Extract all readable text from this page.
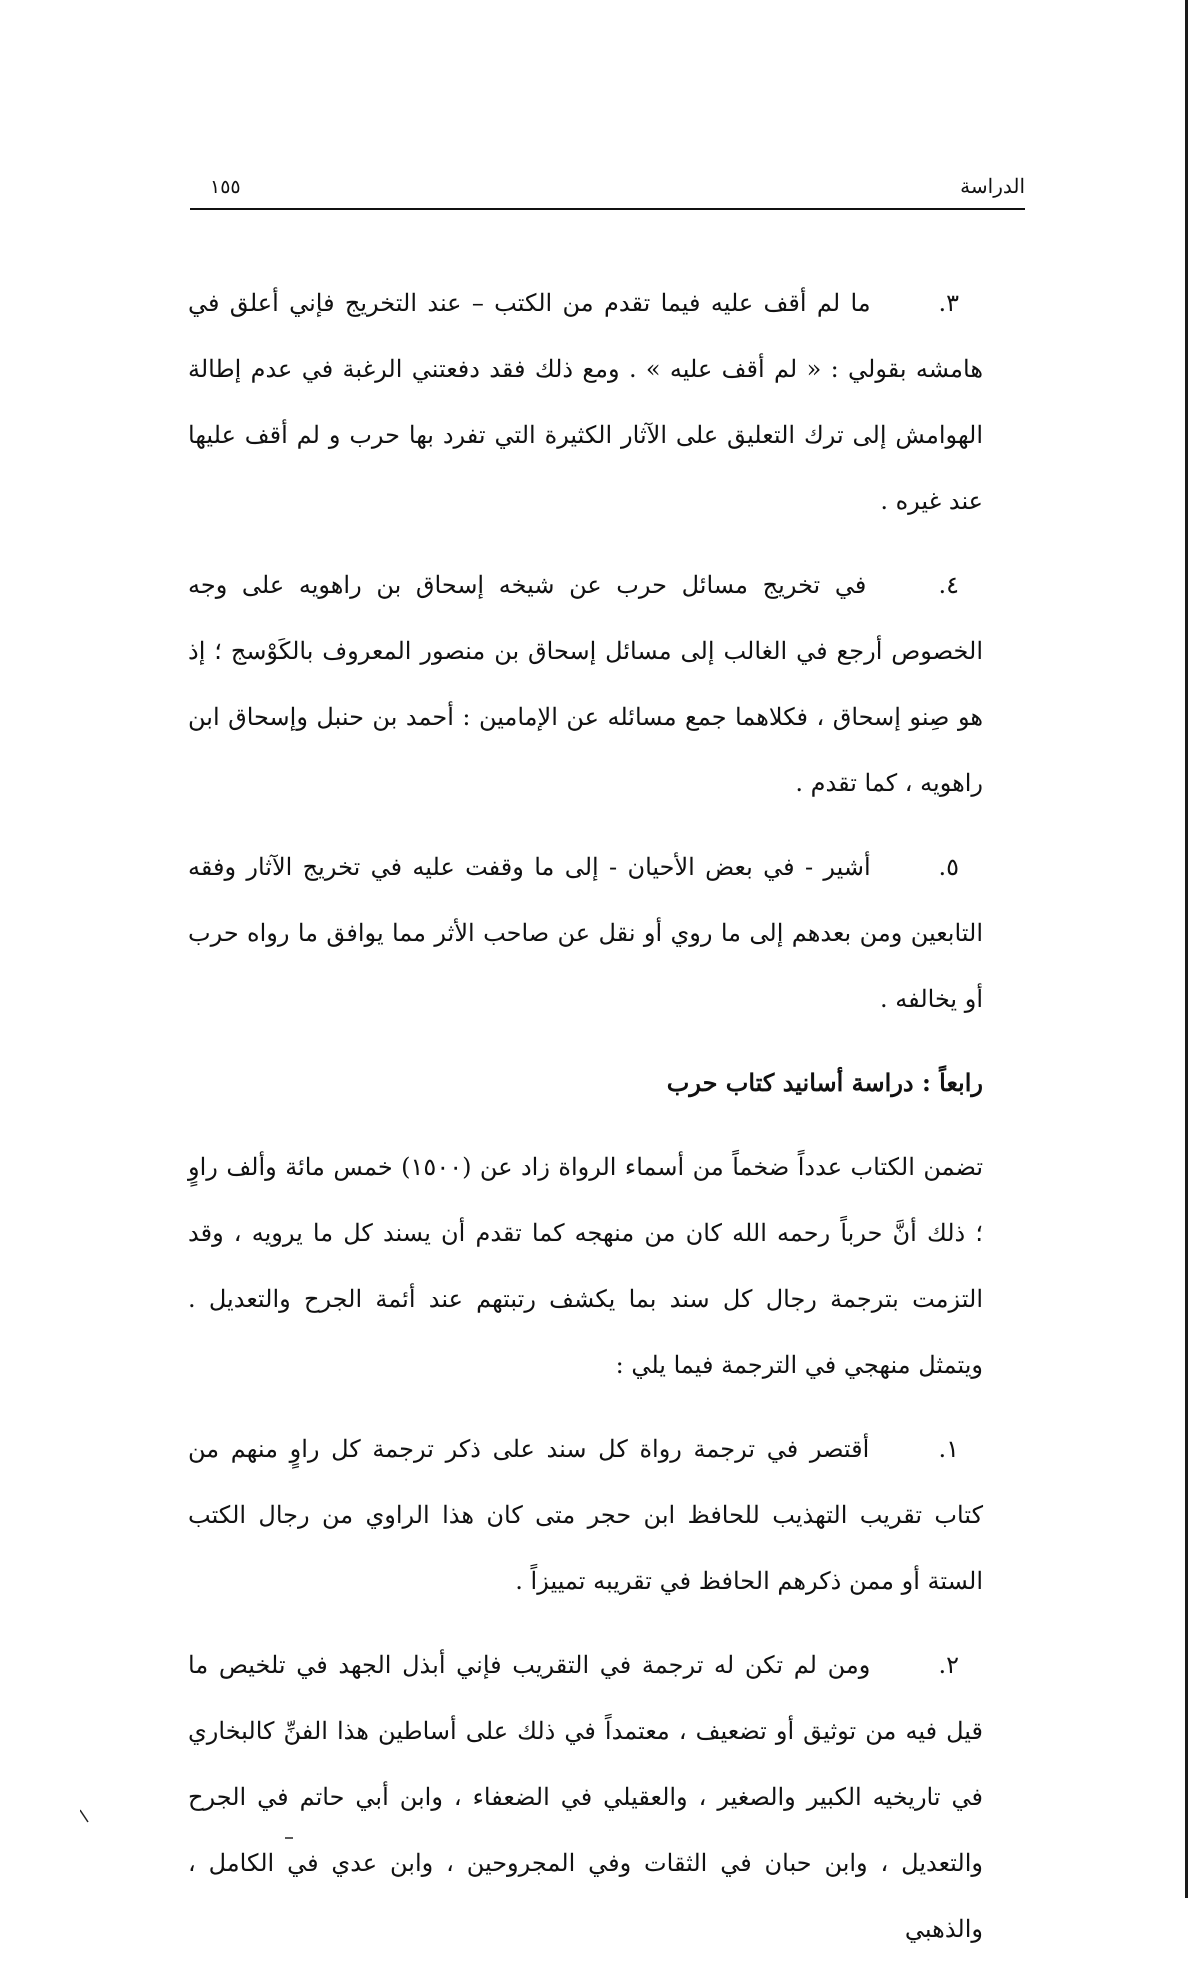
الدراسة
١٥٥

٣. ما لم أقف عليه فيما تقدم من الكتب – عند التخريج فإني أعلق في هامشه بقولي : « لم أقف عليه » . ومع ذلك فقد دفعتني الرغبة في عدم إطالة الهوامش إلى ترك التعليق على الآثار الكثيرة التي تفرد بها حرب و لم أقف عليها عند غيره .

٤. في تخريج مسائل حرب عن شيخه إسحاق بن راهويه على وجه الخصوص أرجع في الغالب إلى مسائل إسحاق بن منصور المعروف بالكَوْسج ؛ إذ هو صِنو إسحاق ، فكلاهما جمع مسائله عن الإمامين : أحمد بن حنبل وإسحاق ابن راهويه ، كما تقدم .

٥. أشير - في بعض الأحيان - إلى ما وقفت عليه في تخريج الآثار وفقه التابعين ومن بعدهم إلى ما روي أو نقل عن صاحب الأثر مما يوافق ما رواه حرب أو يخالفه .

رابعاً : دراسة أسانيد كتاب حرب

تضمن الكتاب عدداً ضخماً من أسماء الرواة زاد عن (١٥٠٠) خمس مائة وألف راوٍ ؛ ذلك أنَّ حرباً رحمه الله كان من منهجه كما تقدم أن يسند كل ما يرويه ، وقد التزمت بترجمة رجال كل سند بما يكشف رتبتهم عند أئمة الجرح والتعديل . ويتمثل منهجي في الترجمة فيما يلي :

١. أقتصر في ترجمة رواة كل سند على ذكر ترجمة كل راوٍ منهم من كتاب تقريب التهذيب للحافظ ابن حجر متى كان هذا الراوي من رجال الكتب الستة أو ممن ذكرهم الحافظ في تقريبه تمييزاً .

٢. ومن لم تكن له ترجمة في التقريب فإني أبذل الجهد في تلخيص ما قيل فيه من توثيق أو تضعيف ، معتمداً في ذلك على أساطين هذا الفنِّ كالبخاري في تاريخيه الكبير والصغير ، والعقيلي في الضعفاء ، وابن أبي حاتم في الجرح والتعديل ، وابن حبان في الثقات وفي المجروحين ، وابن عدي في الكامل ، والذهبي
